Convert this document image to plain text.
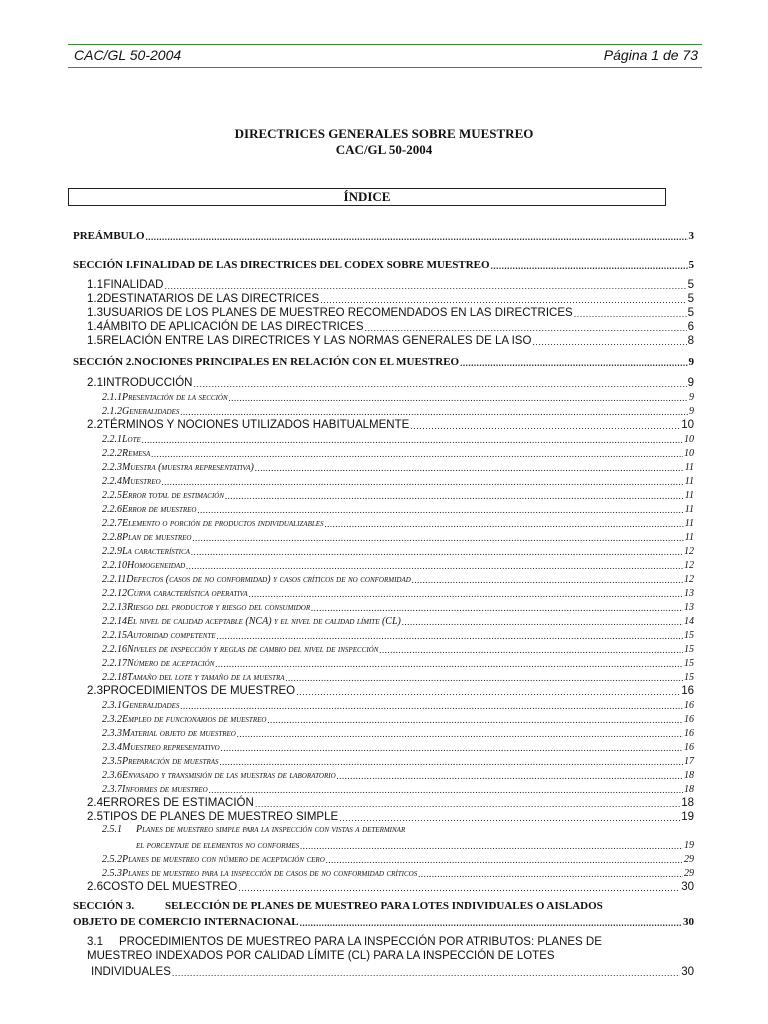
CAC/GL 50-2004	Página 1 de 73
DIRECTRICES GENERALES SOBRE MUESTREO
CAC/GL 50-2004
ÍNDICE
PREÁMBULO .....	3
SECCIÓN I. FINALIDAD DE LAS DIRECTRICES DEL CODEX SOBRE MUESTREO .....	5
1.1 FINALIDAD .....	5
1.2 DESTINATARIOS DE LAS DIRECTRICES .....	5
1.3 USUARIOS DE LOS PLANES DE MUESTREO RECOMENDADOS EN LAS DIRECTRICES .....	5
1.4 ÁMBITO DE APLICACIÓN DE LAS DIRECTRICES .....	6
1.5 RELACIÓN ENTRE LAS DIRECTRICES Y LAS NORMAS GENERALES DE LA ISO .....	8
SECCIÓN 2. NOCIONES PRINCIPALES EN RELACIÓN CON EL MUESTREO .....	9
2.1 INTRODUCCIÓN .....	9
2.1.1 Presentación de la sección .....	9
2.1.2 Generalidades .....	9
2.2 TÉRMINOS Y NOCIONES UTILIZADOS HABITUALMENTE .....	10
2.2.1 Lote .....	10
2.2.2 Remesa .....	10
2.2.3 Muestra (muestra representativa) .....	11
2.2.4 Muestreo .....	11
2.2.5 Error total de estimación .....	11
2.2.6 Error de muestreo .....	11
2.2.7 Elemento o porción de productos individualizables .....	11
2.2.8 Plan de muestreo .....	11
2.2.9 La característica .....	12
2.2.10 Homogeneidad .....	12
2.2.11 Defectos (casos de no conformidad) y casos críticos de no conformidad .....	12
2.2.12 Curva característica operativa .....	13
2.2.13 Riesgo del productor y riesgo del consumidor .....	13
2.2.14 El nivel de calidad aceptable (NCA) y el nivel de calidad límite (CL) .....	14
2.2.15 Autoridad competente .....	15
2.2.16 Niveles de inspección y reglas de cambio del nivel de inspección .....	15
2.2.17 Número de aceptación .....	15
2.2.18 Tamaño del lote y tamaño de la muestra .....	15
2.3 PROCEDIMIENTOS DE MUESTREO .....	16
2.3.1 Generalidades .....	16
2.3.2 Empleo de funcionarios de muestreo .....	16
2.3.3 Material objeto de muestreo .....	16
2.3.4 Muestreo representativo .....	16
2.3.5 Preparación de muestras .....	17
2.3.6 Envasado y transmisión de las muestras de laboratorio .....	18
2.3.7 Informes de muestreo .....	18
2.4 ERRORES DE ESTIMACIÓN .....	18
2.5 TIPOS DE PLANES DE MUESTREO SIMPLE .....	19
2.5.1 Planes de muestreo simple para la inspección con vistas a determinar
el porcentaje de elementos no conformes .....	19
2.5.2 Planes de muestreo con número de aceptación cero .....	29
2.5.3 Planes de muestreo para la inspección de casos de no conformidad críticos .....	29
2.6 COSTO DEL MUESTREO .....	30
SECCIÓN 3.	SELECCIÓN DE PLANES DE MUESTREO PARA LOTES INDIVIDUALES O AISLADOS
OBJETO DE COMERCIO INTERNACIONAL .....	30
3.1 PROCEDIMIENTOS DE MUESTREO PARA LA INSPECCIÓN POR ATRIBUTOS: PLANES DE
MUESTREO INDEXADOS POR CALIDAD LÍMITE (CL) PARA LA INSPECCIÓN DE LOTES
INDIVIDUALES .....	30
